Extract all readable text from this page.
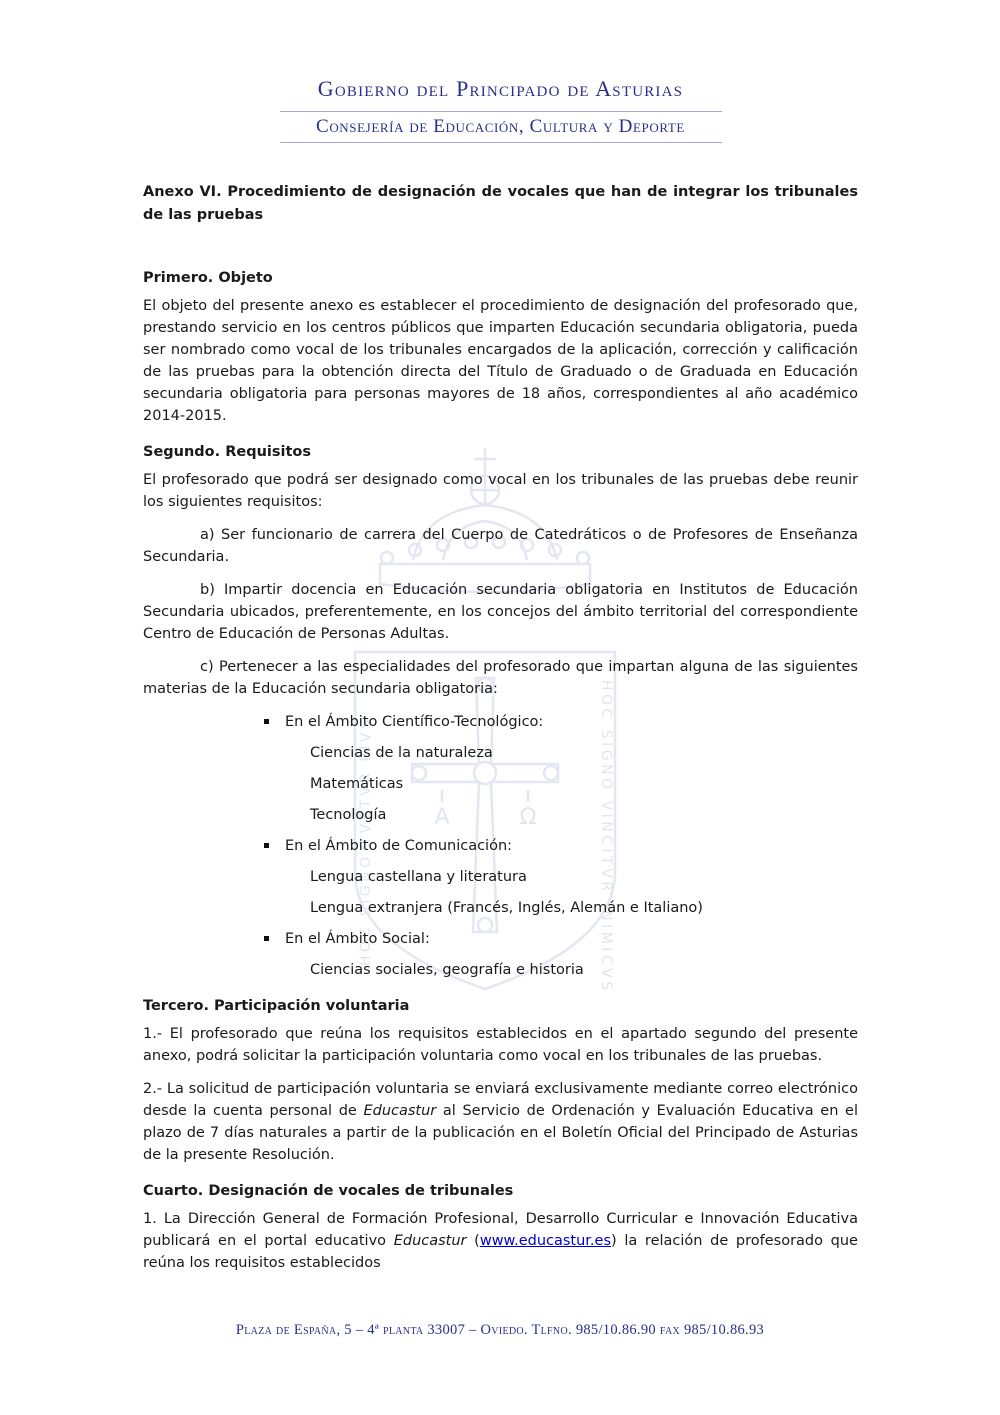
Α	Ω
HOC SIGNO TVETVR PIVS	HOC SIGNO VINCITVR INIMICVS
Gobierno del Principado de Asturias
Consejería de Educación, Cultura y Deporte

Anexo VI. Procedimiento de designación de vocales que han de integrar los tribunales de las pruebas

Primero. Objeto

El objeto del presente anexo es establecer el procedimiento de designación del profesorado que, prestando servicio en los centros públicos que imparten Educación secundaria obligatoria, pueda ser nombrado como vocal de los tribunales encargados de la aplicación, corrección y calificación de las pruebas para la obtención directa del Título de Graduado o de Graduada en Educación secundaria obligatoria para personas mayores de 18 años, correspondientes al año académico 2014-2015.

Segundo. Requisitos

El profesorado que podrá ser designado como vocal en los tribunales de las pruebas debe reunir los siguientes requisitos:

a) Ser funcionario de carrera del Cuerpo de Catedráticos o de Profesores de Enseñanza Secundaria.

b) Impartir docencia en Educación secundaria obligatoria en Institutos de Educación Secundaria ubicados, preferentemente, en los concejos del ámbito territorial del correspondiente Centro de Educación de Personas Adultas.

c) Pertenecer a las especialidades del profesorado que impartan alguna de las siguientes materias de la Educación secundaria obligatoria:

En el Ámbito Científico-Tecnológico:
Ciencias de la naturaleza
Matemáticas
Tecnología
En el Ámbito de Comunicación:
Lengua castellana y literatura
Lengua extranjera (Francés, Inglés, Alemán e Italiano)
En el Ámbito Social:
Ciencias sociales, geografía e historia
Tercero. Participación voluntaria

1.- El profesorado que reúna los requisitos establecidos en el apartado segundo del presente anexo, podrá solicitar la participación voluntaria como vocal en los tribunales de las pruebas.

2.- La solicitud de participación voluntaria se enviará exclusivamente mediante correo electrónico desde la cuenta personal de Educastur al Servicio de Ordenación y Evaluación Educativa en el plazo de 7 días naturales a partir de la publicación en el Boletín Oficial del Principado de Asturias de la presente Resolución.

Cuarto. Designación de vocales de tribunales

1. La Dirección General de Formación Profesional, Desarrollo Curricular e Innovación Educativa publicará en el portal educativo Educastur (www.educastur.es) la relación de profesorado que reúna los requisitos establecidos

Plaza de España, 5 – 4ª planta 33007 – Oviedo. Tlfno. 985/10.86.90 fax 985/10.86.93
